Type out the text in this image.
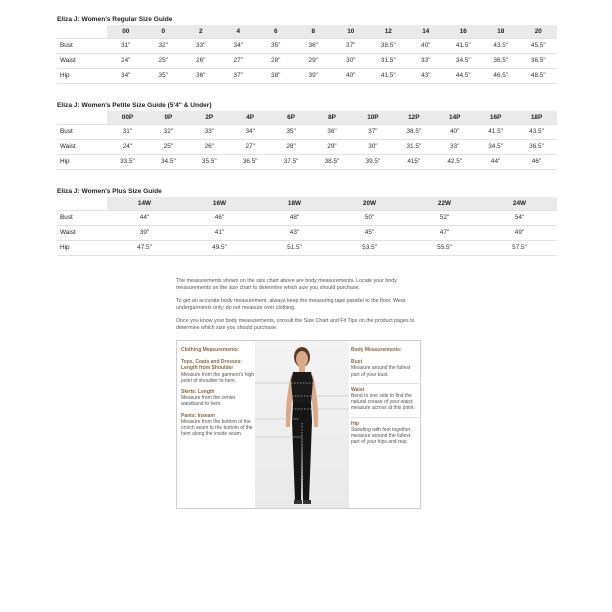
Eliza J: Women's Regular Size Guide
	00	0	2	4	6	8	10	12	14	16	18	20
Bust	31"	32"	33"	34"	35"	36"	37"	38.5"	40"	41.5"	43.5"	45.5"
Waist	24"	25"	26"	27"	28"	29"	30"	31.5"	33"	34.5"	36.5"	38.5"
Hip	34"	35"	36"	37"	38"	39"	40"	41.5"	43"	44.5"	46.5"	48.5"
Eliza J: Women's Petite Size Guide (5'4" & Under)
	00P	0P	2P	4P	6P	8P	10P	12P	14P	16P	18P
Bust	31"	32"	33"	34"	35"	36"	37"	38.5"	40"	41.5"	43.5"
Waist	24"	25"	26"	27"	28"	29"	30"	31.5"	33"	34.5"	36.5"
Hip	33.5"	34.5"	35.5"	36.5"	37.5"	38.5"	39.5"	415"	42.5"	44"	46"
Eliza J: Women's Plus Size Guide
	14W	16W	18W	20W	22W	24W
Bust	44"	46"	48"	50"	52"	54"
Waist	39"	41"	43"	45"	47"	49"
Hip	47.5"	49.5"	51.5"	53.5"	55.5"	57.5"

The measurements shown on the size chart above are body measurements. Locate your body measurements on the size chart to determine which size you should purchase.

To get an accurate body measurement, always keep the measuring tape parallel to the floor. Wear undergarments only; do not measure over clothing.

Once you know your body measurements, consult the Size Chart and Fit Tips on the product pages to determine which size you should purchase.

Clothing Measurements:
Tops, Coats and Dresses: Length from Shoulder
Measure from the garment's high point of shoulder to hem.
Skirts: Length
Measure from the center waistband to hem.
Pants: Inseam
Measure from the bottom of the crotch seam to the bottom of the hem along the inside seam.
Body Measurements:
Bust
Measure around the fullest part of your bust.
Waist
Bend to one side to find the natural crease of your waist; measure across at this point.
Hip
Standing with feet together, measure around the fullest part of your hips and rear.
